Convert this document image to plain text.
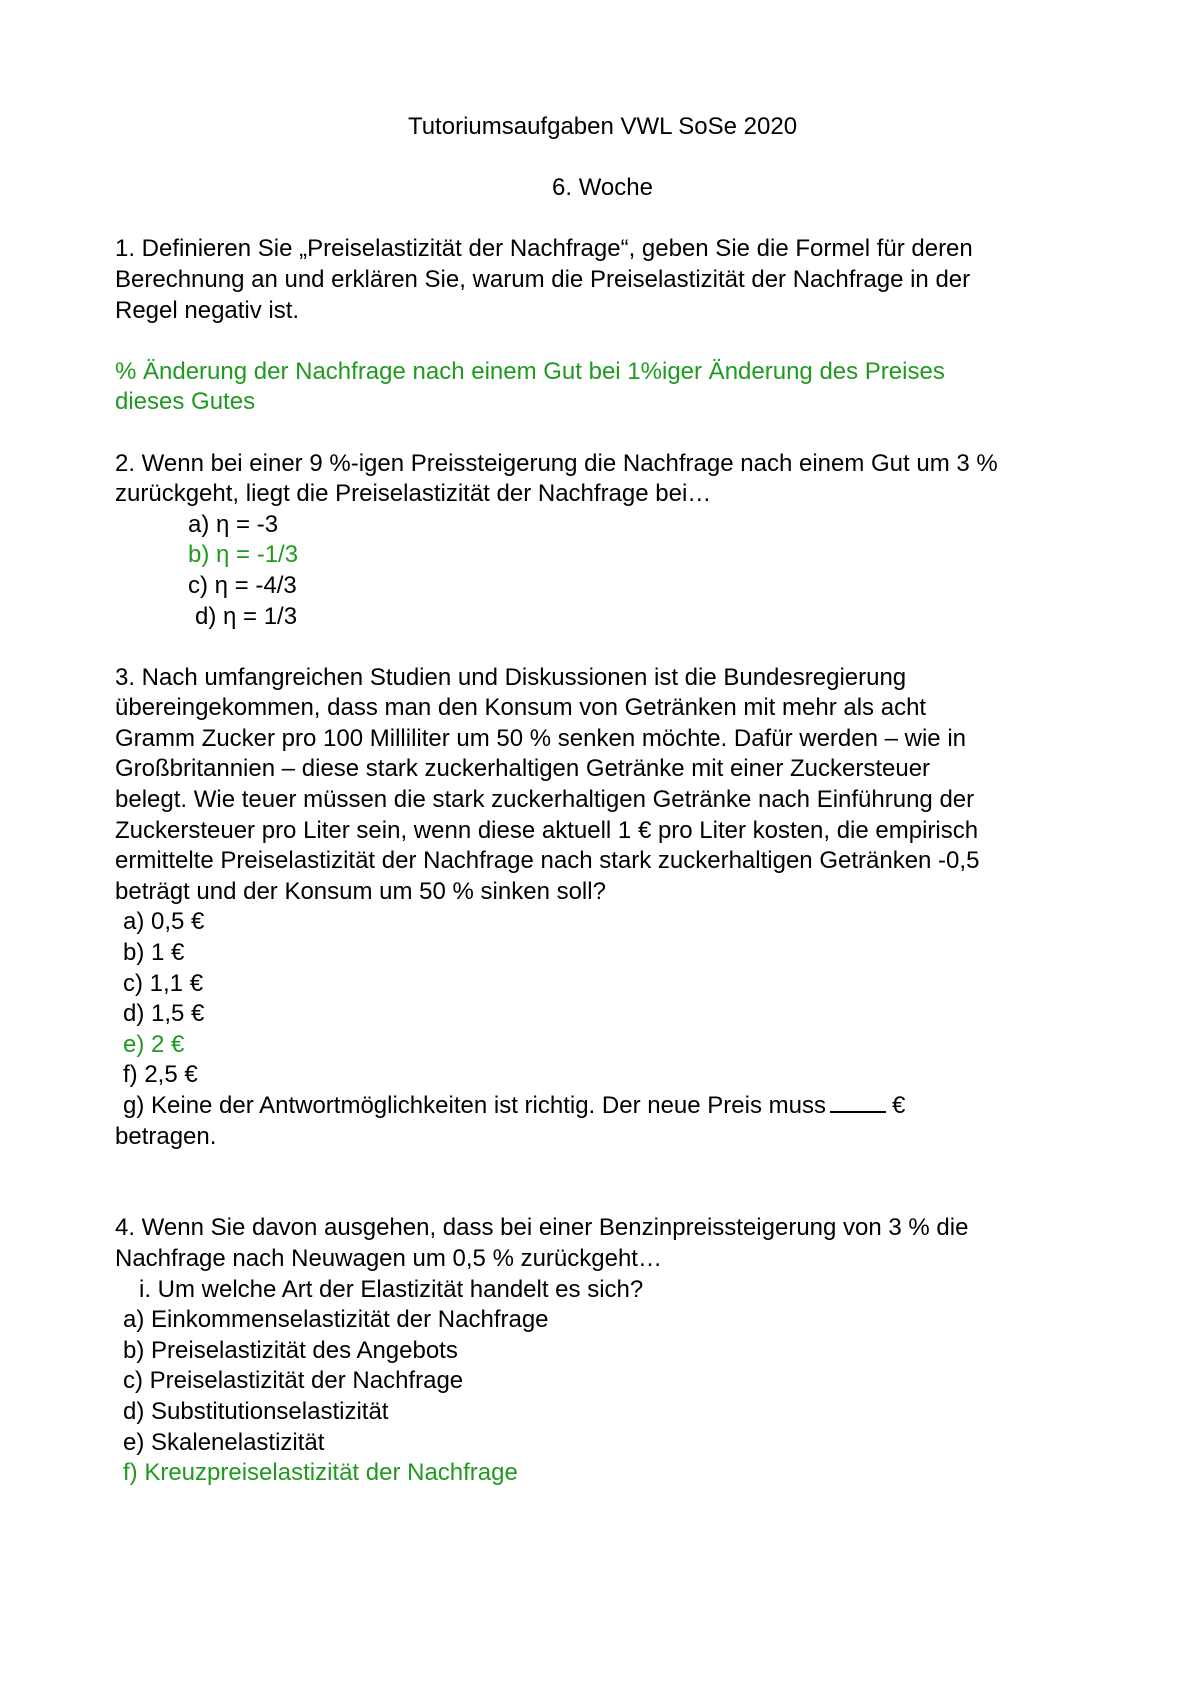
Tutoriumsaufgaben VWL SoSe 2020

6. Woche

1. Definieren Sie „Preiselastizität der Nachfrage“, geben Sie die Formel für deren

Berechnung an und erklären Sie, warum die Preiselastizität der Nachfrage in der

Regel negativ ist.

% Änderung der Nachfrage nach einem Gut bei 1%iger Änderung des Preises

dieses Gutes

2. Wenn bei einer 9 %-igen Preissteigerung die Nachfrage nach einem Gut um 3 %

zurückgeht, liegt die Preiselastizität der Nachfrage bei…

a) η = -3

b) η = -1/3

c) η = -4/3

d) η = 1/3

3. Nach umfangreichen Studien und Diskussionen ist die Bundesregierung

übereingekommen, dass man den Konsum von Getränken mit mehr als acht

Gramm Zucker pro 100 Milliliter um 50 % senken möchte. Dafür werden – wie in

Großbritannien – diese stark zuckerhaltigen Getränke mit einer Zuckersteuer

belegt. Wie teuer müssen die stark zuckerhaltigen Getränke nach Einführung der

Zuckersteuer pro Liter sein, wenn diese aktuell 1 € pro Liter kosten, die empirisch

ermittelte Preiselastizität der Nachfrage nach stark zuckerhaltigen Getränken -0,5

beträgt und der Konsum um 50 % sinken soll?

a) 0,5 €

b) 1 €

c) 1,1 €

d) 1,5 €

e) 2 €

f) 2,5 €

g) Keine der Antwortmöglichkeiten ist richtig. Der neue Preis muss	€

betragen.

4. Wenn Sie davon ausgehen, dass bei einer Benzinpreissteigerung von 3 % die

Nachfrage nach Neuwagen um 0,5 % zurückgeht…

i. Um welche Art der Elastizität handelt es sich?

a) Einkommenselastizität der Nachfrage

b) Preiselastizität des Angebots

c) Preiselastizität der Nachfrage

d) Substitutionselastizität

e) Skalenelastizität

f) Kreuzpreiselastizität der Nachfrage
